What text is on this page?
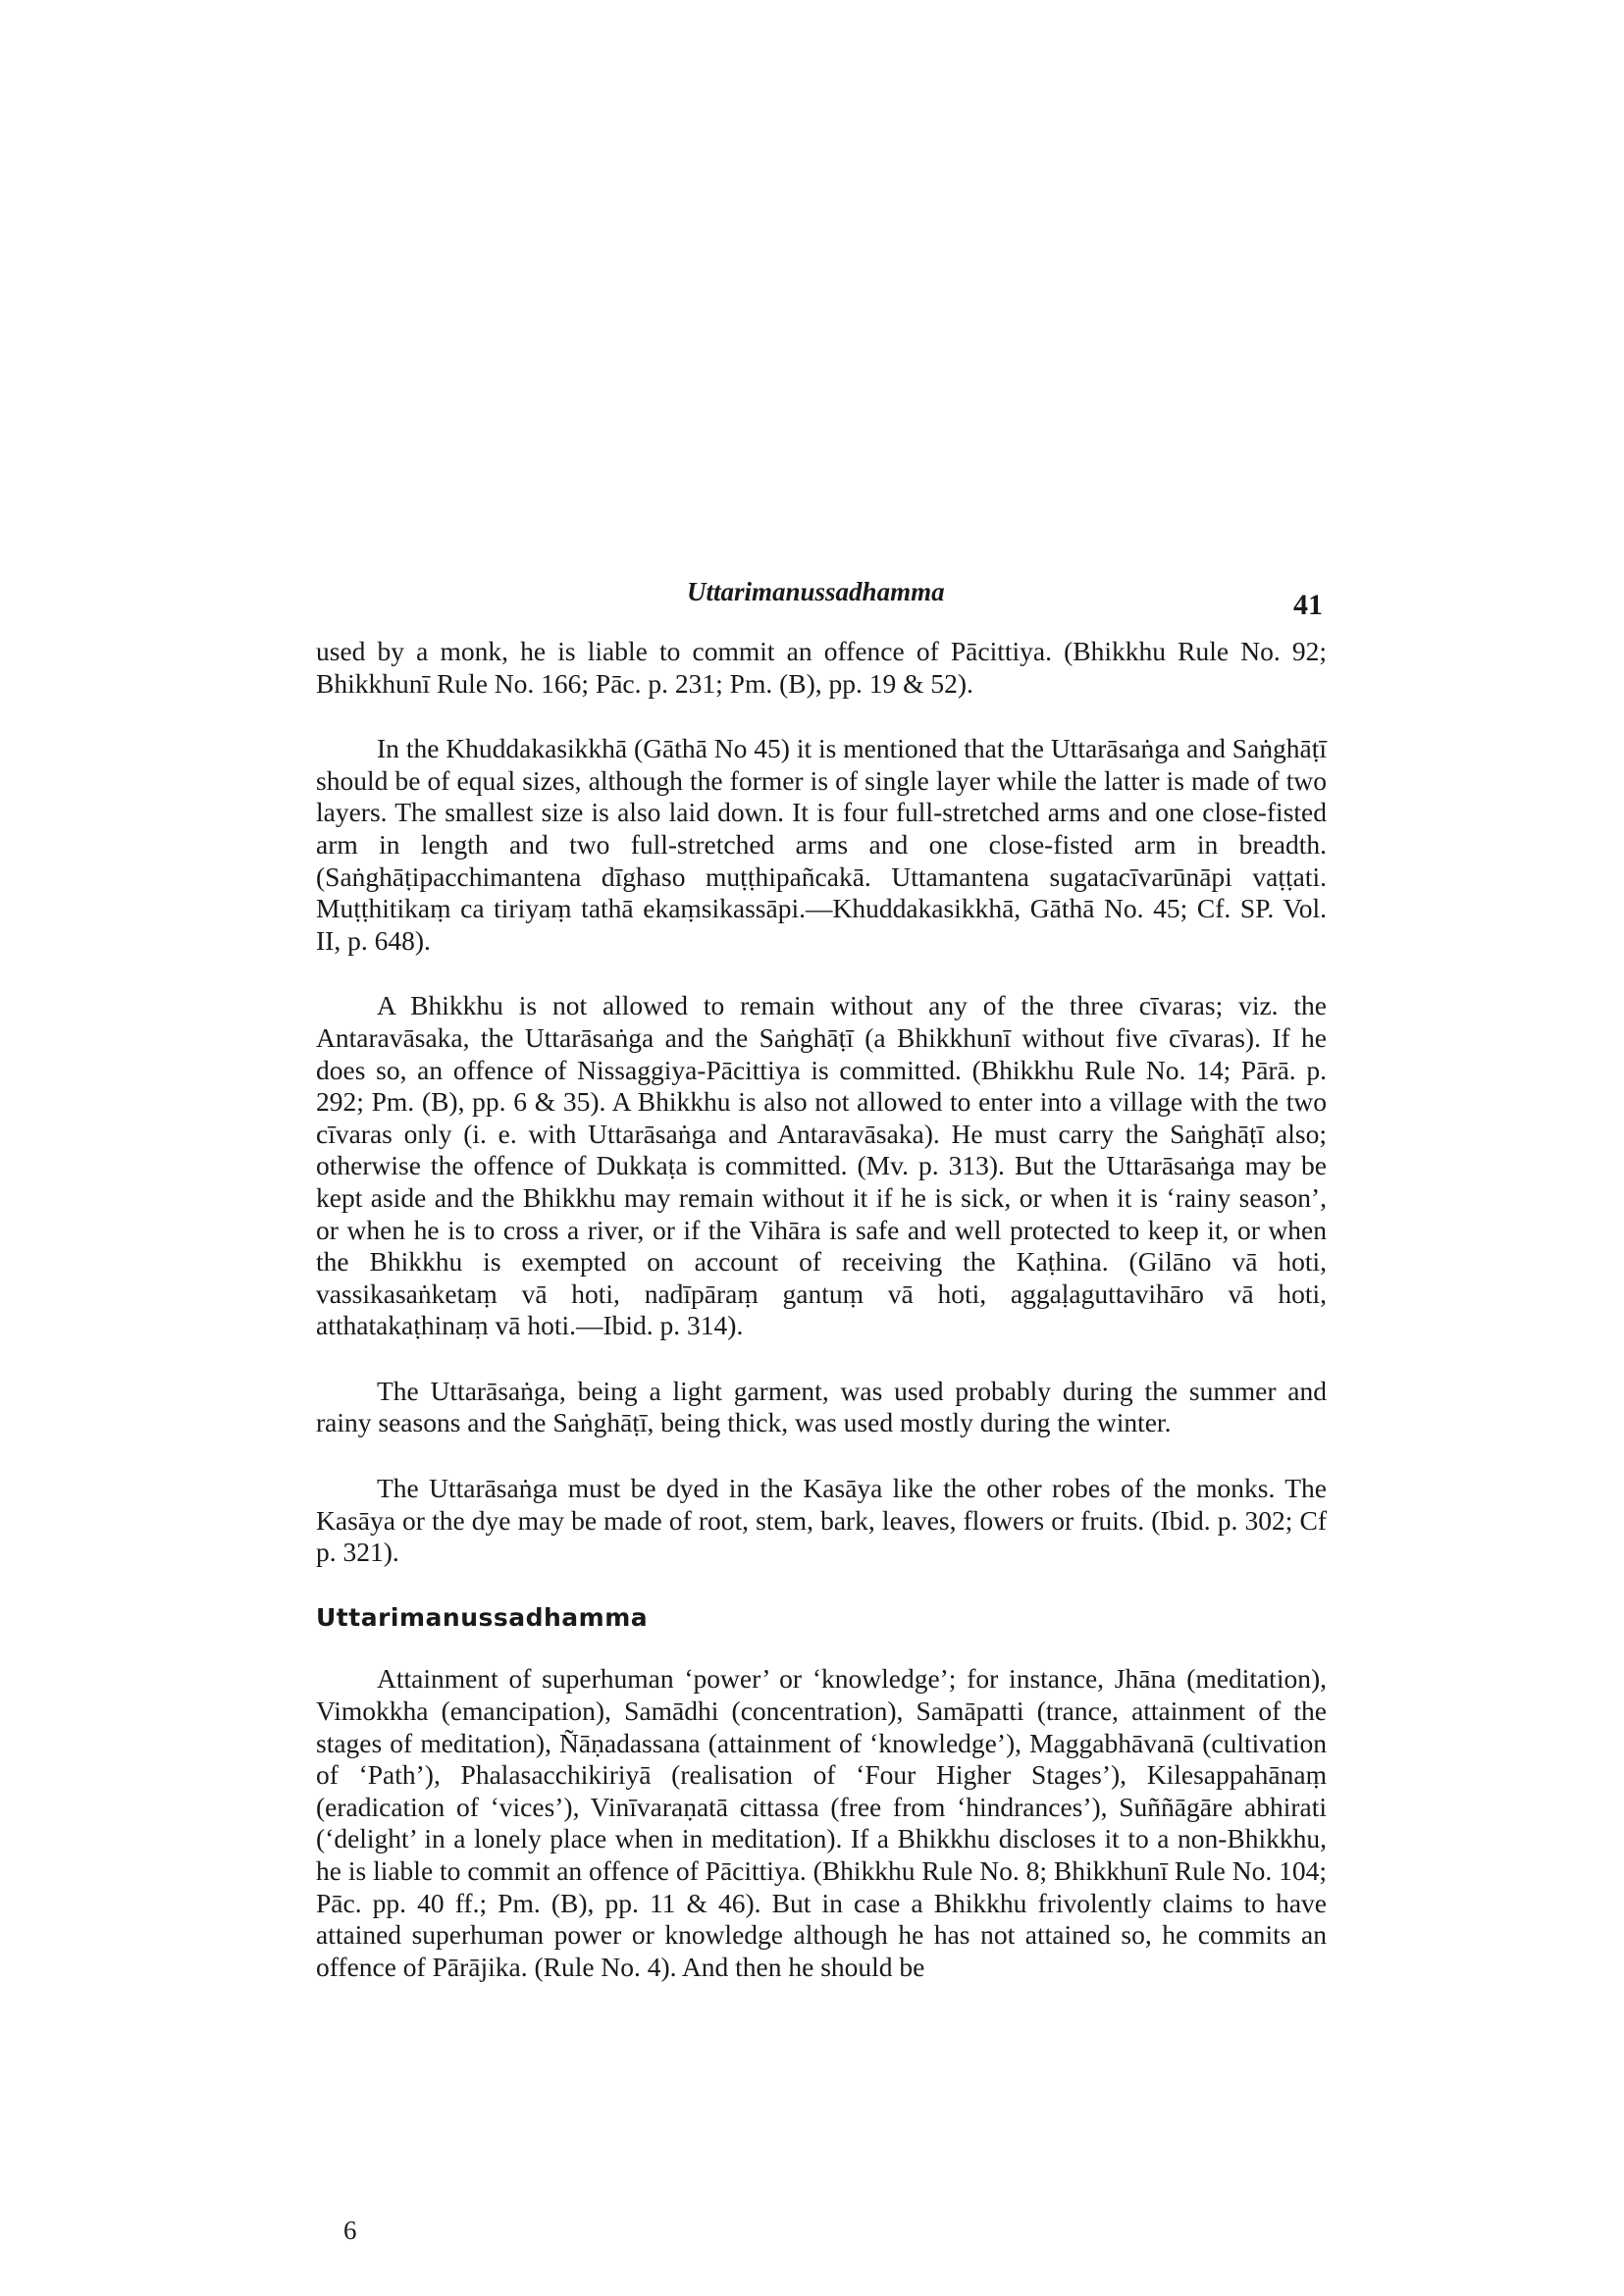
Uttarimanussadhamma	41

used by a monk, he is liable to commit an offence of Pācittiya. (Bhikkhu Rule No. 92; Bhikkhunī Rule No. 166; Pāc. p. 231; Pm. (B), pp. 19 & 52).

In the Khuddakasikkhā (Gāthā No 45) it is mentioned that the Uttarāsaṅga and Saṅghāṭī should be of equal sizes, although the former is of single layer while the latter is made of two layers. The smallest size is also laid down. It is four full-stretched arms and one close-fisted arm in length and two full-stretched arms and one close-fisted arm in breadth. (Saṅghāṭipacchimantena dīghaso muṭṭhipañcakā. Uttamantena sugatacīvarūnāpi vaṭṭati. Muṭṭhitikaṃ ca tiriyaṃ tathā ekaṃsikassāpi.—Khuddakasikkhā, Gāthā No. 45; Cf. SP. Vol. II, p. 648).

A Bhikkhu is not allowed to remain without any of the three cīvaras; viz. the Antaravāsaka, the Uttarāsaṅga and the Saṅghāṭī (a Bhikkhunī without five cīvaras). If he does so, an offence of Nissaggiya-Pācittiya is committed. (Bhikkhu Rule No. 14; Pārā. p. 292; Pm. (B), pp. 6 & 35). A Bhikkhu is also not allowed to enter into a village with the two cīvaras only (i. e. with Uttarāsaṅga and Antaravāsaka). He must carry the Saṅghāṭī also; otherwise the offence of Dukkaṭa is committed. (Mv. p. 313). But the Uttarāsaṅga may be kept aside and the Bhikkhu may remain without it if he is sick, or when it is ‘rainy season’, or when he is to cross a river, or if the Vihāra is safe and well protected to keep it, or when the Bhikkhu is exempted on account of receiving the Kaṭhina. (Gilāno vā hoti, vassikasaṅketaṃ vā hoti, nadīpāraṃ gantuṃ vā hoti, aggaḷaguttavihāro vā hoti, atthatakaṭhinaṃ vā hoti.—Ibid. p. 314).

The Uttarāsaṅga, being a light garment, was used probably during the summer and rainy seasons and the Saṅghāṭī, being thick, was used mostly during the winter.

The Uttarāsaṅga must be dyed in the Kasāya like the other robes of the monks. The Kasāya or the dye may be made of root, stem, bark, leaves, flowers or fruits. (Ibid. p. 302; Cf p. 321).

Uttarimanussadhamma

Attainment of superhuman ‘power’ or ‘knowledge’; for instance, Jhāna (meditation), Vimokkha (emancipation), Samādhi (concentration), Samāpatti (trance, attainment of the stages of meditation), Ñāṇadassana (attainment of ‘knowledge’), Maggabhāvanā (cultivation of ‘Path’), Phalasacchikiriyā (realisation of ‘Four Higher Stages’), Kilesappahānaṃ (eradication of ‘vices’), Vinīvaraṇatā cittassa (free from ‘hindrances’), Suññāgāre abhirati (‘delight’ in a lonely place when in meditation). If a Bhikkhu discloses it to a non-Bhikkhu, he is liable to commit an offence of Pācittiya. (Bhikkhu Rule No. 8; Bhikkhunī Rule No. 104; Pāc. pp. 40 ff.; Pm. (B), pp. 11 & 46). But in case a Bhikkhu frivolently claims to have attained superhuman power or knowledge although he has not attained so, he commits an offence of Pārājika. (Rule No. 4). And then he should be

6
